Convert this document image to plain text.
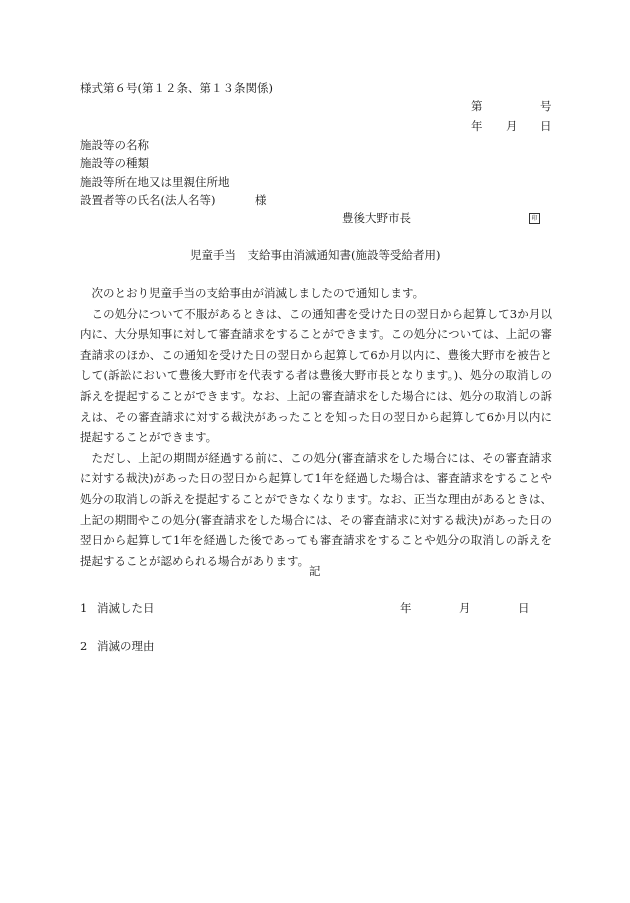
様式第６号(第１２条、第１３条関係)
第	号
年 月 日
施設等の名称
施設等の種類
施設等所在地又は里親住所地
設置者等の氏名(法人名等)	様
豊後大野市長	印
児童手当　支給事由消滅通知書(施設等受給者用)

次のとおり児童手当の支給事由が消滅しましたので通知します。

この処分について不服があるときは、この通知書を受けた日の翌日から起算して3か月以内に、大分県知事に対して審査請求をすることができます。この処分については、上記の審査請求のほか、この通知を受けた日の翌日から起算して6か月以内に、豊後大野市を被告として(訴訟において豊後大野市を代表する者は豊後大野市長となります。)、処分の取消しの訴えを提起することができます。なお、上記の審査請求をした場合には、処分の取消しの訴えは、その審査請求に対する裁決があったことを知った日の翌日から起算して6か月以内に提起することができます。

ただし、上記の期間が経過する前に、この処分(審査請求をした場合には、その審査請求に対する裁決)があった日の翌日から起算して1年を経過した場合は、審査請求をすることや処分の取消しの訴えを提起することができなくなります。なお、正当な理由があるときは、上記の期間やこの処分(審査請求をした場合には、その審査請求に対する裁決)があった日の翌日から起算して1年を経過した後であっても審査請求をすることや処分の取消しの訴えを提起することが認められる場合があります。

記
1 消滅した日	年	月	日
2 消滅の理由
